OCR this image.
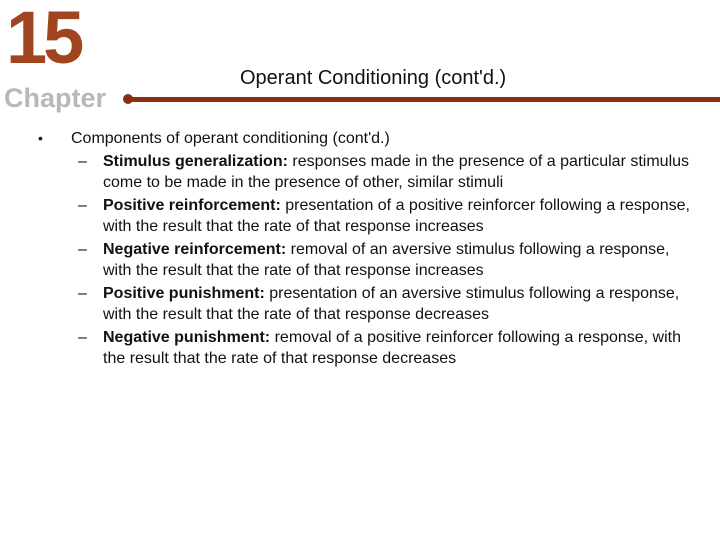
15
Chapter
Operant Conditioning (cont'd.)
•	Components of operant conditioning (cont'd.)
–	Stimulus generalization: responses made in the presence of a particular stimulus come to be made in the presence of other, similar stimuli
–	Positive reinforcement: presentation of a positive reinforcer following a response, with the result that the rate of that response increases
–	Negative reinforcement: removal of an aversive stimulus following a response, with the result that the rate of that response increases
–	Positive punishment: presentation of an aversive stimulus following a response, with the result that the rate of that response decreases
–	Negative punishment: removal of a positive reinforcer following a response, with the result that the rate of that response decreases
